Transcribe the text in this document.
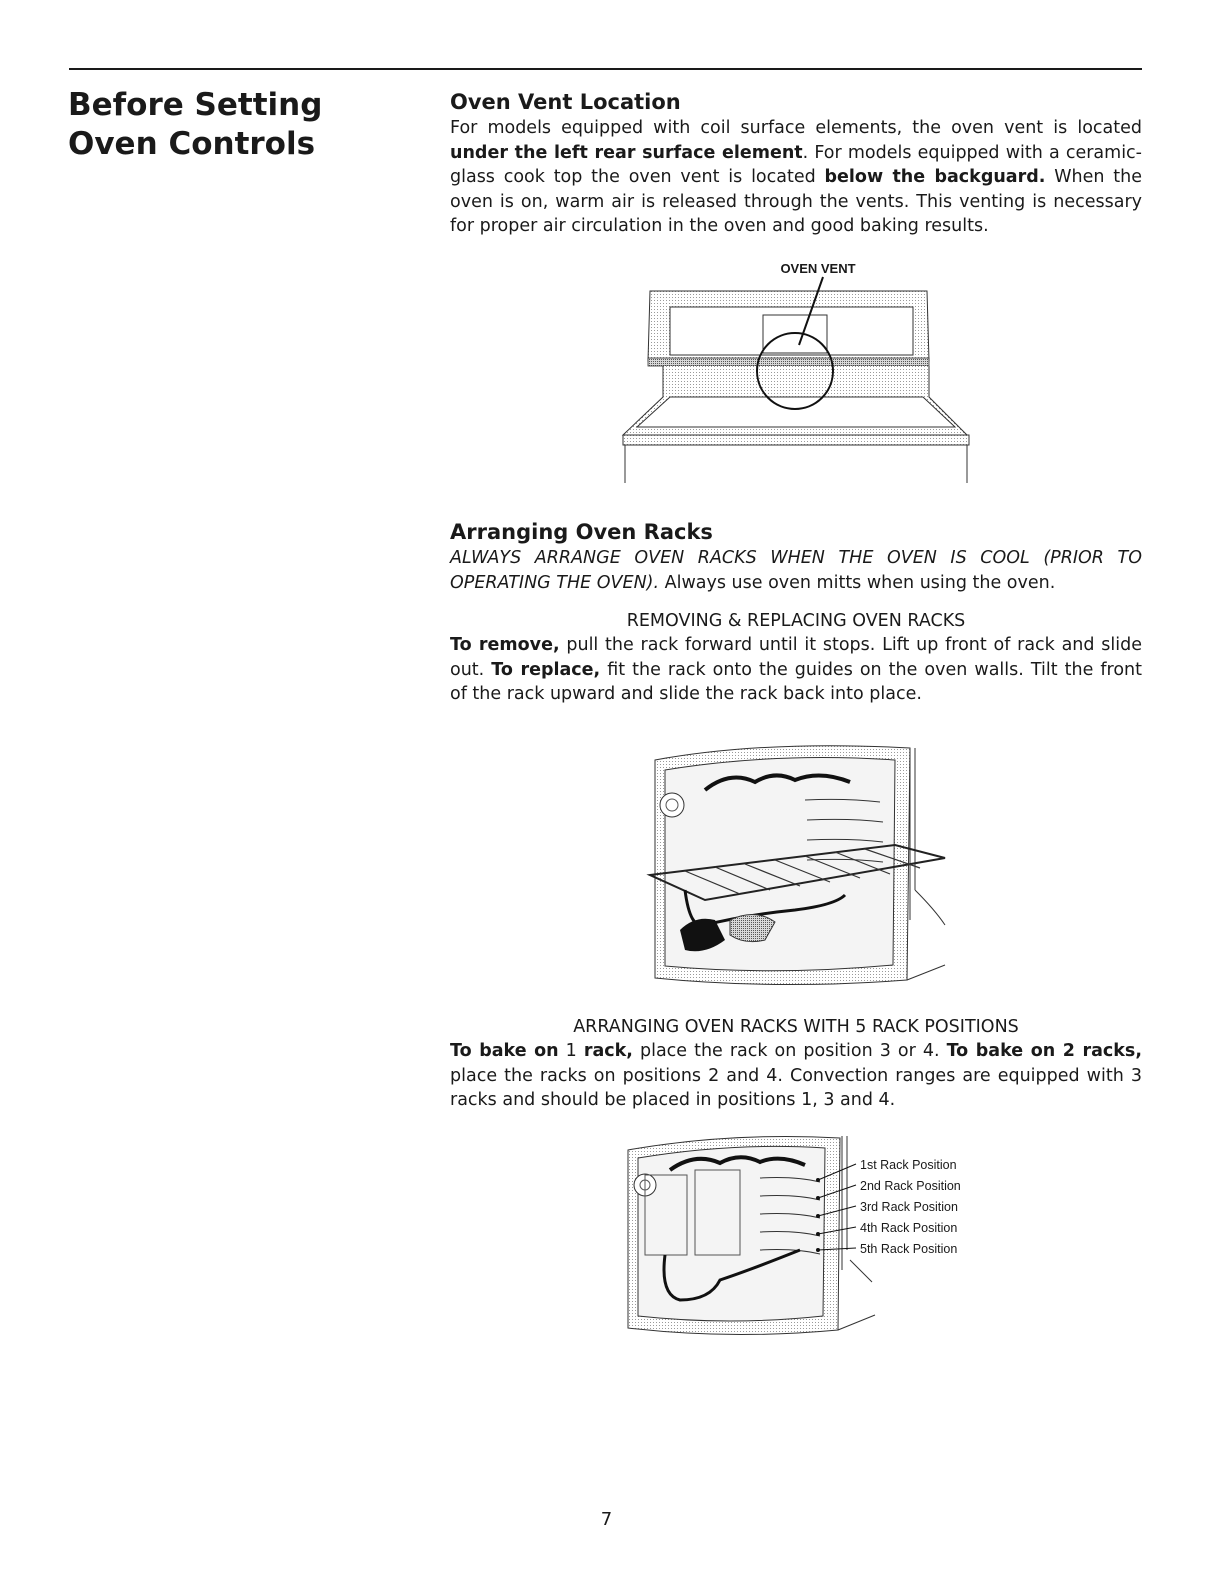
Before Setting Oven Controls
Oven Vent Location

For models equipped with coil surface elements, the oven vent is located under the left rear surface element. For models equipped with a ceramic-glass cook top the oven vent is located below the backguard. When the oven is on, warm air is released through the vents. This venting is necessary for proper air circulation in the oven and good baking results.

OVEN VENT
Arranging Oven Racks

ALWAYS ARRANGE OVEN RACKS WHEN THE OVEN IS COOL (PRIOR TO OPERATING THE OVEN). Always use oven mitts when using the oven.

REMOVING & REPLACING OVEN RACKS

To remove, pull the rack forward until it stops. Lift up front of rack and slide out. To replace, fit the rack onto the guides on the oven walls. Tilt the front of the rack upward and slide the rack back into place.

ARRANGING OVEN RACKS WITH 5 RACK POSITIONS

To bake on 1 rack, place the rack on position 3 or 4. To bake on 2 racks, place the racks on positions 2 and 4. Convection ranges are equipped with 3 racks and should be placed in positions 1, 3 and 4.

1st Rack Position
2nd Rack Position
3rd Rack Position
4th Rack Position
5th Rack Position
7
